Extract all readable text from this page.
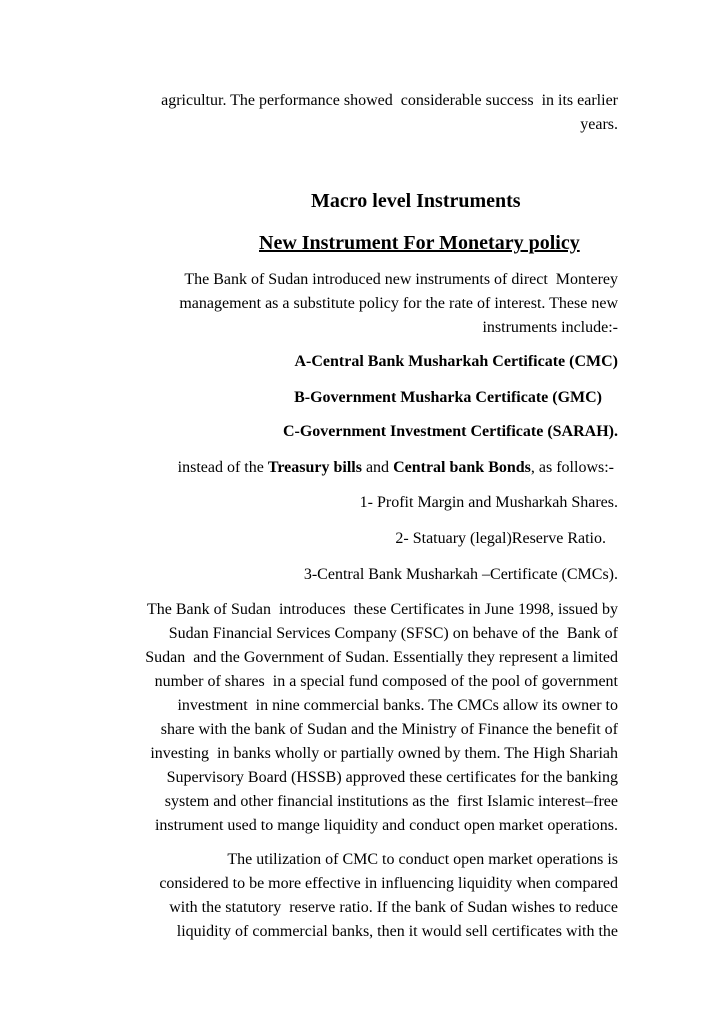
agricultur. The performance showed  considerable success  in its earlier
years.
Macro level Instruments
New Instrument For Monetary policy
The Bank of Sudan introduced new instruments of direct  Monterey
management as a substitute policy for the rate of interest. These new
instruments include:-
A-Central Bank Musharkah Certificate (CMC)
B-Government Musharka Certificate (GMC)
C-Government Investment Certificate (SARAH).
instead of the Treasury bills and Central bank Bonds, as follows:-
1- Profit Margin and Musharkah Shares.
2- Statuary (legal)Reserve Ratio.
3-Central Bank Musharkah –Certificate (CMCs).
The Bank of Sudan  introduces  these Certificates in June 1998, issued by
Sudan Financial Services Company (SFSC) on behave of the  Bank of
Sudan  and the Government of Sudan. Essentially they represent a limited
number of shares  in a special fund composed of the pool of government
investment  in nine commercial banks. The CMCs allow its owner to
share with the bank of Sudan and the Ministry of Finance the benefit of
investing  in banks wholly or partially owned by them. The High Shariah
Supervisory Board (HSSB) approved these certificates for the banking
system and other financial institutions as the  first Islamic interest–free
instrument used to mange liquidity and conduct open market operations.
The utilization of CMC to conduct open market operations is
considered to be more effective in influencing liquidity when compared
with the statutory  reserve ratio. If the bank of Sudan wishes to reduce
liquidity of commercial banks, then it would sell certificates with the
